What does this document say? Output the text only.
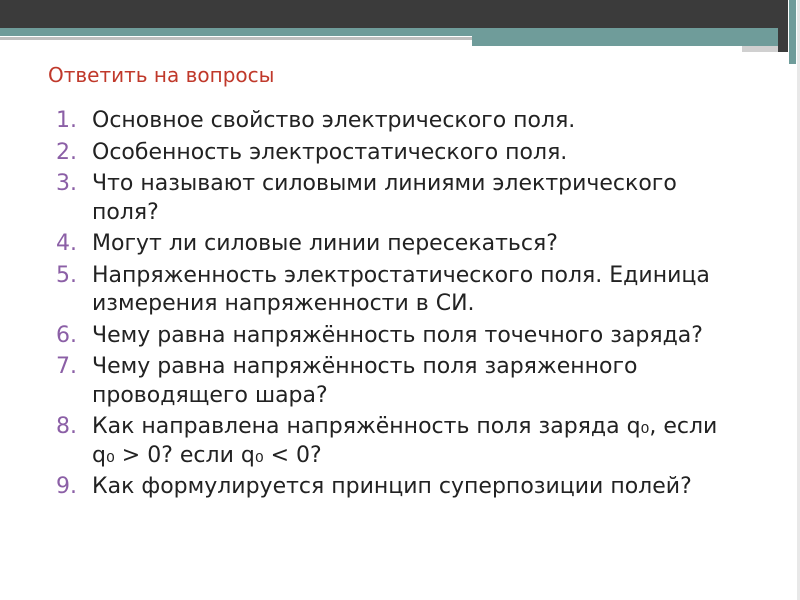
Ответить на вопросы
1. Основное свойство электрического поля.
2. Особенность электростатического поля.
3. Что называют силовыми линиями электрического поля?
4. Могут ли силовые линии пересекаться?
5. Напряженность электростатического поля. Единица измерения напряженности в СИ.
6. Чему равна напряжённость поля точечного заряда?
7. Чему равна напряжённость поля заряженного проводящего шара?
8. Как направлена напряжённость поля заряда q₀, если q₀ > 0? если q₀ < 0?
9. Как формулируется принцип суперпозиции полей?
